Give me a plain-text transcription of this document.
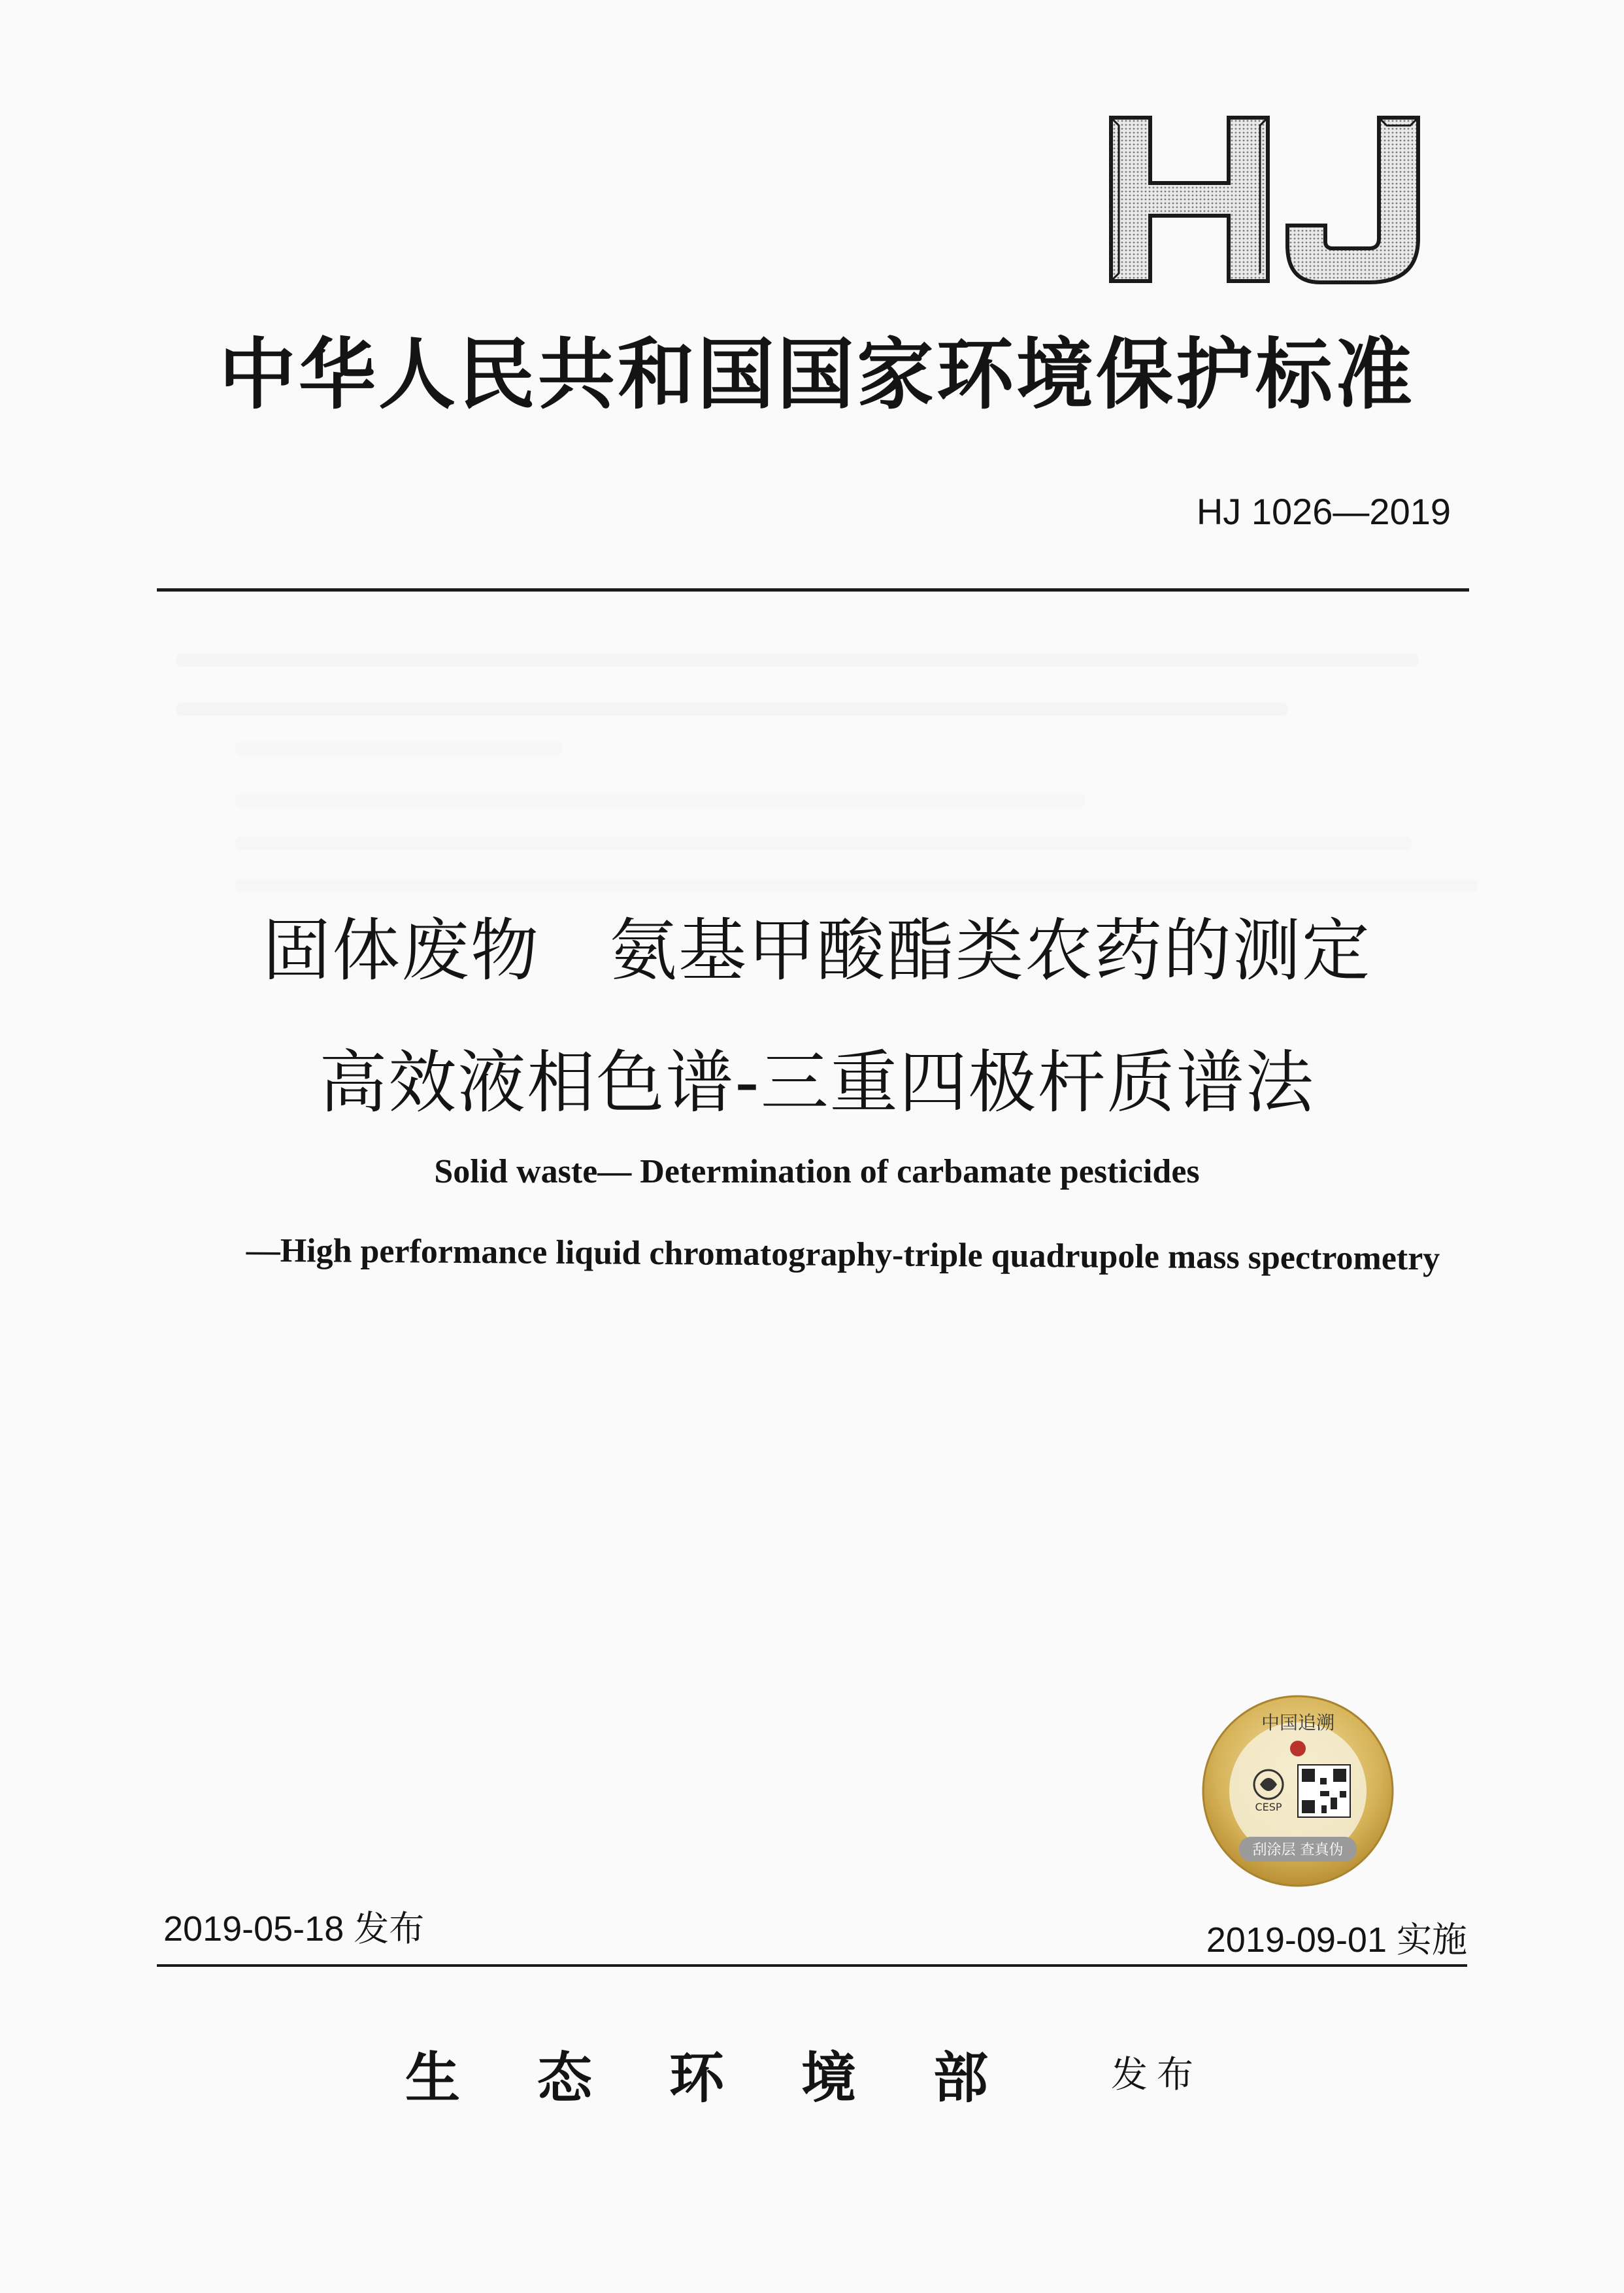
中华人民共和国国家环境保护标准
HJ 1026—2019
固体废物　氨基甲酸酯类农药的测定
高效液相色谱-三重四极杆质谱法
Solid waste— Determination of carbamate pesticides
—High performance liquid chromatography-triple quadrupole mass spectrometry
中国追溯
CESP
刮涂层 查真伪
2019-05-18 发布	2019-09-01 实施
生态环境部 发布
